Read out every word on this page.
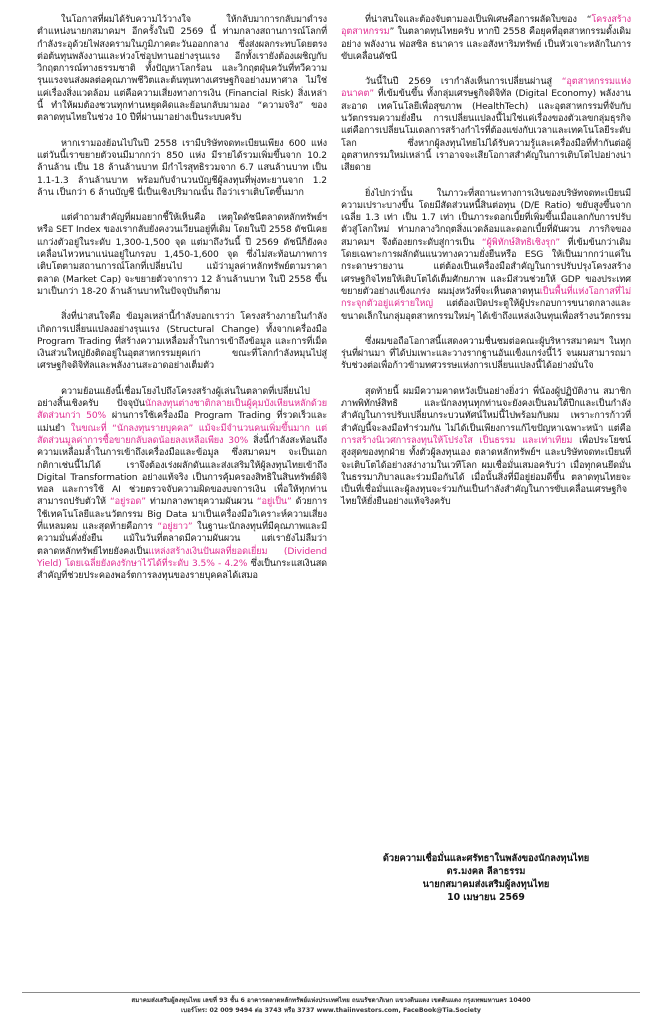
ในโอกาสที่ผมได้รับความไว้วางใจ ให้กลับมาการกลับมาดำรงตำแหน่งนายกสมาคมฯ อีกครั้งในปี 2569 นี้ ท่ามกลางสถานการณ์โลกที่กำลังระอุด้วยไฟสงครามในภูมิภาคตะวันออกกลาง ซึ่งส่งผลกระทบโดยตรงต่อต้นทุนพลังงานและห่วงโซ่อุปทานอย่างรุนแรง อีกทั้งเรายังต้องเผชิญกับวิกฤตการณ์ทางธรรมชาติ ทั้งปัญหาโลกร้อน และวิกฤตฝุ่นควันที่ทวีความรุนแรงจนส่งผลต่อคุณภาพชีวิตและต้นทุนทางเศรษฐกิจอย่างมหาศาล ไม่ใช่แค่เรื่องสิ่งแวดล้อม แต่คือความเสี่ยงทางการเงิน (Financial Risk) สิ่งเหล่านี้ ทำให้ผมต้องชวนทุกท่านหยุดคิดและย้อนกลับมามอง “ความจริง” ของตลาดทุนไทยในช่วง 10 ปีที่ผ่านมาอย่างเป็นระบบครับ

หากเรามองย้อนไปในปี 2558 เรามีบริษัทจดทะเบียนเพียง 600 แห่ง แต่วันนี้เราขยายตัวจนมีมากกว่า 850 แห่ง มีรายได้รวมเพิ่มขึ้นจาก 10.2 ล้านล้าน เป็น 18 ล้านล้านบาท มีกำไรสุทธิรวมจาก 6.7 แสนล้านบาท เป็น 1.1-1.3 ล้านล้านบาท พร้อมกับจำนวนบัญชีผู้ลงทุนที่พุ่งทะยานจาก 1.2 ล้าน เป็นกว่า 6 ล้านบัญชี นี่เป็นเชิงปริมาณนั้น ถือว่าเราเติบโตขึ้นมาก

แต่คำถามสำคัญที่ผมอยากชี้ให้เห็นคือ เหตุใดดัชนีตลาดหลักทรัพย์ฯ หรือ SET Index ของเรากลับยังคงวนเวียนอยู่ที่เดิม โดยในปี 2558 ดัชนีเคยแกว่งตัวอยู่ในระดับ 1,300-1,500 จุด แต่มาถึงวันนี้ ปี 2569 ดัชนีก็ยังคงเคลื่อนไหวหนาแน่นอยู่ในกรอบ 1,450-1,600 จุด ซึ่งไม่สะท้อนภาพการเติบโตตามสถานการณ์โลกที่เปลี่ยนไป แม้ว่ามูลค่าหลักทรัพย์ตามราคาตลาด (Market Cap) จะขยายตัวจากราว 12 ล้านล้านบาท ในปี 2558 ขึ้นมาเป็นกว่า 18-20 ล้านล้านบาทในปัจจุบันก็ตาม

สิ่งที่น่าสนใจคือ ข้อมูลเหล่านี้กำลังบอกเราว่า โครงสร้างภายในกำลังเกิดการเปลี่ยนแปลงอย่างรุนแรง (Structural Change) ทั้งจากเครื่องมือ Program Trading ที่สร้างความเหลื่อมล้ำในการเข้าถึงข้อมูล และการที่เม็ดเงินส่วนใหญ่ยังติดอยู่ในอุตสาหกรรมยุคเก่า ขณะที่โลกกำลังหมุนไปสู่เศรษฐกิจดิจิทัลและพลังงานสะอาดอย่างเต็มตัว

ความย้อนแย้งนี้เชื่อมโยงไปถึงโครงสร้างผู้เล่นในตลาดที่เปลี่ยนไปอย่างสิ้นเชิงครับ ปัจจุบันนักลงทุนต่างชาติกลายเป็นผู้คุมบังเหียนหลักด้วยสัดส่วนกว่า 50% ผ่านการใช้เครื่องมือ Program Trading ที่รวดเร็วและแม่นยำ ในขณะที่ “นักลงทุนรายบุคคล” แม้จะมีจำนวนคนเพิ่มขึ้นมาก แต่สัดส่วนมูลค่าการซื้อขายกลับลดน้อยลงเหลือเพียง 30% สิ่งนี้กำลังสะท้อนถึงความเหลื่อมล้ำในการเข้าถึงเครื่องมือและข้อมูล ซึ่งสมาคมฯ จะเป็นเอกกติกาเช่นนี้ไม่ได้ เราจึงต้องเร่งผลักดันและส่งเสริมให้ผู้ลงทุนไทยเข้าถึง Digital Transformation อย่างแท้จริง เป็นการคุ้มครองสิทธิในสินทรัพย์ดิจิทอล และการใช้ AI ช่วยตรวจจับความผิดของบจการเงิน เพื่อให้ทุกท่านสามารถปรับตัวให้ “อยู่รอด” ท่ามกลางพายุความผันผวน “อยู่เป็น” ด้วยการใช้เทคโนโลยีและนวัตกรรม Big Data มาเป็นเครื่องมือวิเคราะห์ความเสี่ยงที่แหลมคม และสุดท้ายคือการ “อยู่ยาว” ในฐานะนักลงทุนที่มีคุณภาพและมีความมั่นคั่งยั่งยืน แม้ในวันที่ตลาดมีความผันผวน แต่เรายังไม่ลืมว่าตลาดหลักทรัพย์ไทยยังคงเป็นแหล่งสร้างเงินปันผลที่ยอดเยี่ยม (Dividend Yield) โดยเฉลี่ยยังคงรักษาไว้ได้ที่ระดับ 3.5% - 4.2% ซึ่งเป็นกระแสเงินสดสำคัญที่ช่วยประคองพอร์ตการลงทุนของรายบุคคลได้เสมอ

ที่น่าสนใจและต้องจับตามองเป็นพิเศษคือการผลัดใบของ “โครงสร้างอุตสาหกรรม” ในตลาดทุนไทยครับ หากปี 2558 คือยุคที่อุตสาหกรรมดั้งเดิมอย่าง พลังงาน ฟอสซิล ธนาคาร และอสังหาริมทรัพย์ เป็นหัวเจาะหลักในการขับเคลื่อนดัชนี

วันนี้ในปี 2569 เรากำลังเห็นการเปลี่ยนผ่านสู่ “อุตสาหกรรมแห่งอนาคต” ที่เข้มข้นขึ้น ทั้งกลุ่มเศรษฐกิจดิจิทัล (Digital Economy) พลังงานสะอาด เทคโนโลยีเพื่อสุขภาพ (HealthTech) และอุตสาหกรรมที่จับกับนวัตกรรมความยั่งยืน การเปลี่ยนแปลงนี้ไม่ใช่แค่เรื่องของตัวเลขกลุ่มธุรกิจ แต่คือการเปลี่ยนโมเดลการสร้างกำไรที่ต้องแข่งกับเวลาและเทคโนโลยีระดับโลก ซึ่งหากผู้ลงทุนไทยไม่ได้รับความรู้และเครื่องมือที่ทำกันต่อผู้อุตสาหกรรมใหม่เหล่านี้ เราอาจจะเสียโอกาสสำคัญในการเติบโตไปอย่างน่าเสียดาย

ยิ่งไปกว่านั้น ในภาวะที่สถานะทางการเงินของบริษัทจดทะเบียนมีความเปราะบางขึ้น โดยมีสัดส่วนหนี้สินต่อทุน (D/E Ratio) ขยับสูงขึ้นจากเฉลี่ย 1.3 เท่า เป็น 1.7 เท่า เป็นภาระดอกเบี้ยที่เพิ่มขึ้นเมื่อแลกกับการปรับตัวสู่โลกใหม่ ท่ามกลางวิกฤตสิ่งแวดล้อมและดอกเบี้ยที่ผันผวน ภารกิจของสมาคมฯ จึงต้องยกระดับสู่การเป็น “ผู้พิทักษ์สิทธิเชิงรุก” ที่เข้มข้นกว่าเดิม โดยเฉพาะการผลักดันแนวทางความยั่งยืนหรือ ESG ให้เป็นมากกว่าแค่ในกระดาษรายงาน แต่ต้องเป็นเครื่องมือสำคัญในการปรับปรุงโครงสร้างเศรษฐกิจไทยให้เติบโตได้เต็มศักยภาพ และมีส่วนช่วยให้ GDP ของประเทศขยายตัวอย่างแข็งแกร่ง ผมมุ่งหวังที่จะเห็นตลาดทุนเป็นพื้นที่แห่งโอกาสที่ไม่กระจุกตัวอยู่แค่รายใหญ่ แต่ต้องเปิดประตูให้ผู้ประกอบการขนาดกลางและขนาดเล็กในกลุ่มอุตสาหกรรมใหม่ๆ ได้เข้าถึงแหล่งเงินทุนเพื่อสร้างนวัตกรรม

ซึ่งผมขอถือโอกาสนี้แสดงความชื่นชมต่อคณะผู้บริหารสมาคมฯ ในทุกรุ่นที่ผ่านมา ที่ได้บ่มเพาะและวางรากฐานอันแข็งแกร่งนี้ไว้ จนผมสามารถมารับช่วงต่อเพื่อก้าวข้ามทศวรรษแห่งการเปลี่ยนแปลงนี้ได้อย่างมั่นใจ

สุดท้ายนี้ ผมมีความคาดหวังเป็นอย่างยิ่งว่า พี่น้องผู้ปฏิบัติงาน สมาชิกภาพพิทักษ์สิทธิ และนักลงทุนทุกท่านจะยังคงเป็นลมใต้ปีกและเป็นกำลังสำคัญในการปรับเปลี่ยนกระบวนทัศน์ใหม่นี้ไปพร้อมกับผม เพราะการก้าวที่สำคัญนี้จะลงมือทำร่วมกัน ไม่ได้เป็นเพียงการแก้ไขปัญหาเฉพาะหน้า แต่คือ การสร้างนิเวศการลงทุนให้โปร่งใส เป็นธรรม และเท่าเทียม เพื่อประโยชน์สูงสุดของทุกฝ่าย ทั้งตัวผู้ลงทุนเอง ตลาดหลักทรัพย์ฯ และบริษัทจดทะเบียนที่จะเติบโตได้อย่างสง่างามในเวทีโลก ผมเชื่อมั่นเสมอครับว่า เมื่อทุกคนยึดมั่นในธรรมาภิบาลและร่วมมือกันได้ เมื่อนั้นสิ่งที่มีอยู่ย่อมดีขึ้น ตลาดทุนไทยจะเป็นที่เชื่อมั่นและผู้ลงทุนจะร่วมกันเป็นกำลังสำคัญในการขับเคลื่อนเศรษฐกิจไทยให้ยั่งยืนอย่างแท้จริงครับ

ด้วยความเชื่อมั่นและศรัทธาในพลังของนักลงทุนไทย

ดร.มงคล ลีลาธรรม

นายกสมาคมส่งเสริมผู้ลงทุนไทย

10 เมษายน 2569

สมาคมส่งเสริมผู้ลงทุนไทย เลขที่ 93 ชั้น 6 อาคารตลาดหลักทรัพย์แห่งประเทศไทย ถนนรัชดาภิเษก แขวงดินแดง เขตดินแดง กรุงเทพมหานคร 10400

เบอร์โทร: 02 009 9494 ต่อ 3743 หรือ 3737 www.thaiinvestors.com, FaceBook@Tia.Society
